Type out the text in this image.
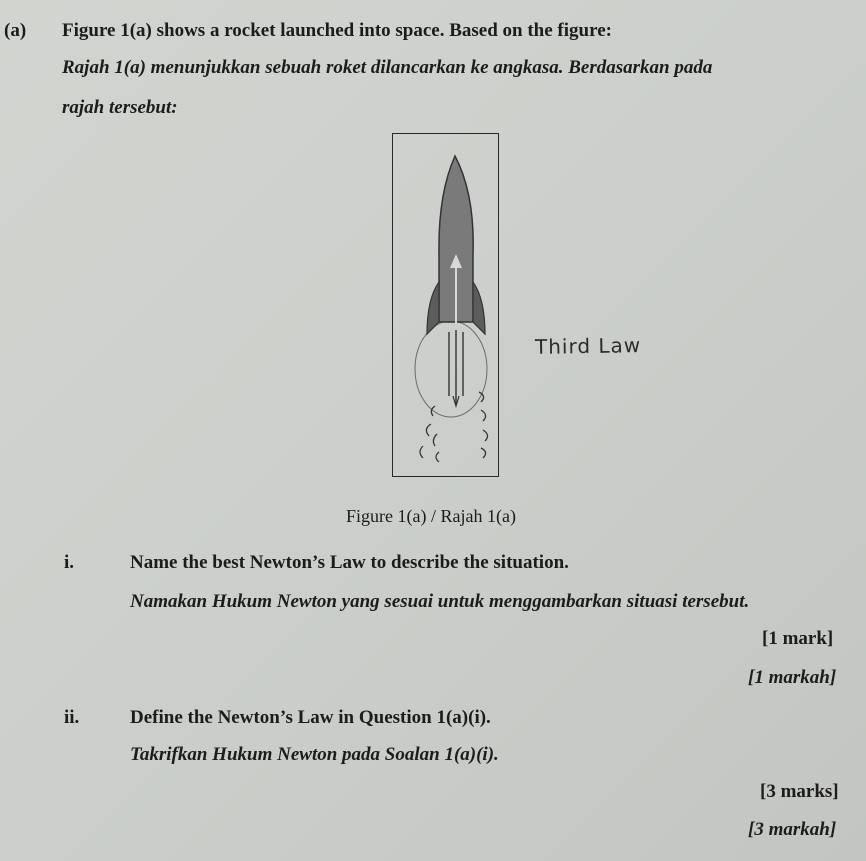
(a) Figure 1(a) shows a rocket launched into space. Based on the figure:
Rajah 1(a) menunjukkan sebuah roket dilancarkan ke angkasa. Berdasarkan pada
rajah tersebut:
Third Law
Figure 1(a) / Rajah 1(a)
i.	Name the best Newton’s Law to describe the situation.
Namakan Hukum Newton yang sesuai untuk menggambarkan situasi tersebut.
[1 mark]
[1 markah]
ii.	Define the Newton’s Law in Question 1(a)(i).
Takrifkan Hukum Newton pada Soalan 1(a)(i).
[3 marks]
[3 markah]
